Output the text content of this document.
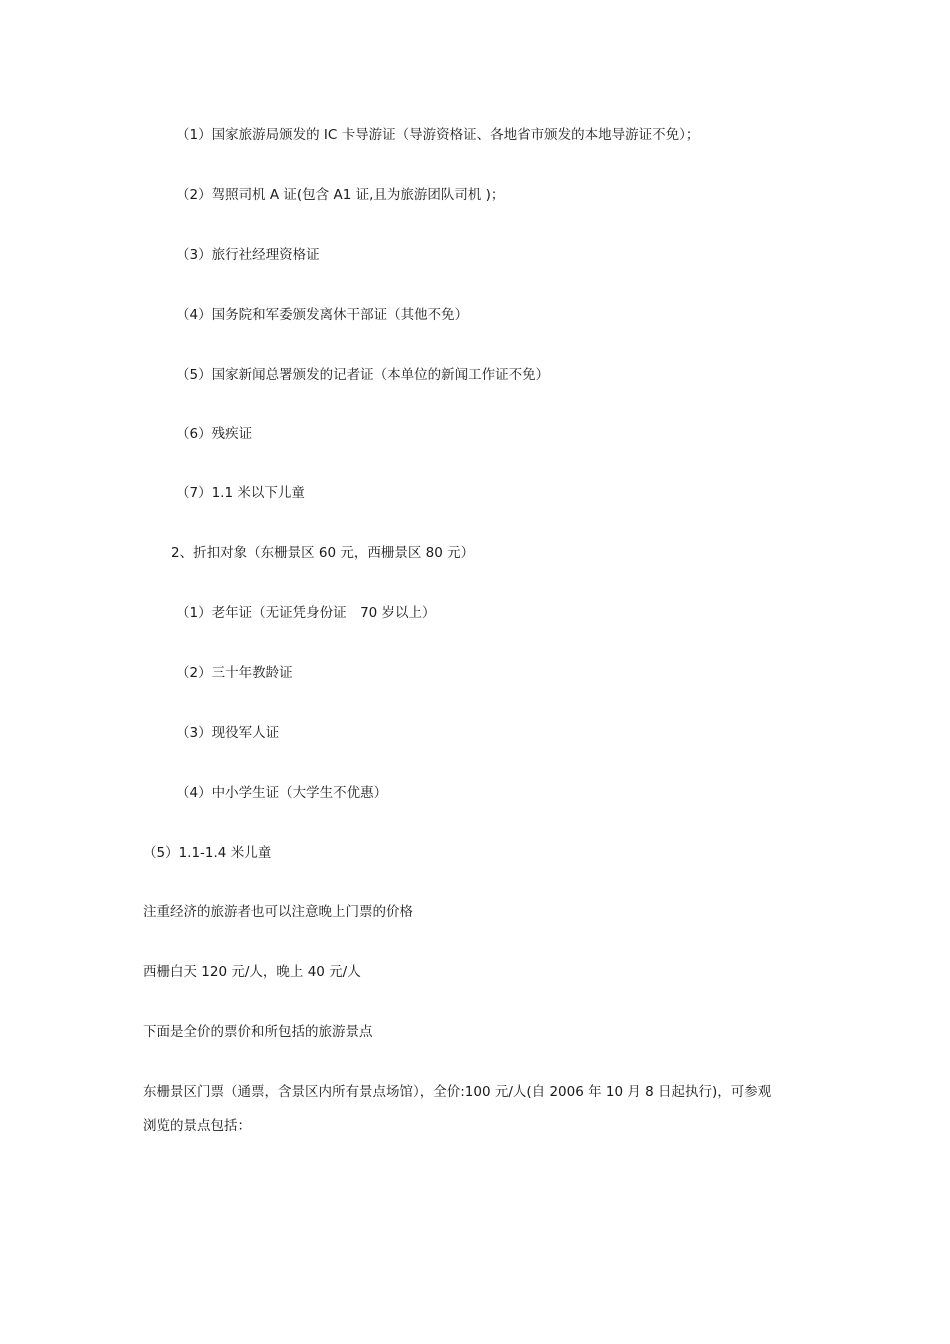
（1）国家旅游局颁发的 IC 卡导游证（导游资格证、各地省市颁发的本地导游证不免）；
（2）驾照司机 A 证(包含 A1 证,且为旅游团队司机 )；
（3）旅行社经理资格证
（4）国务院和军委颁发离休干部证（其他不免）
（5）国家新闻总署颁发的记者证（本单位的新闻工作证不免）
（6）残疾证
（7）1.1 米以下儿童
2、折扣对象（东栅景区 60 元，西栅景区 80 元）
（1）老年证（无证凭身份证　70 岁以上）
（2）三十年教龄证
（3）现役军人证
（4）中小学生证（大学生不优惠）
（5）1.1-1.4 米儿童
注重经济的旅游者也可以注意晚上门票的价格
西栅白天 120 元/人，晚上 40 元/人
下面是全价的票价和所包括的旅游景点
东栅景区门票（通票，含景区内所有景点场馆），全价:100 元/人(自 2006 年 10 月 8 日起执行)，可参观
浏览的景点包括：
